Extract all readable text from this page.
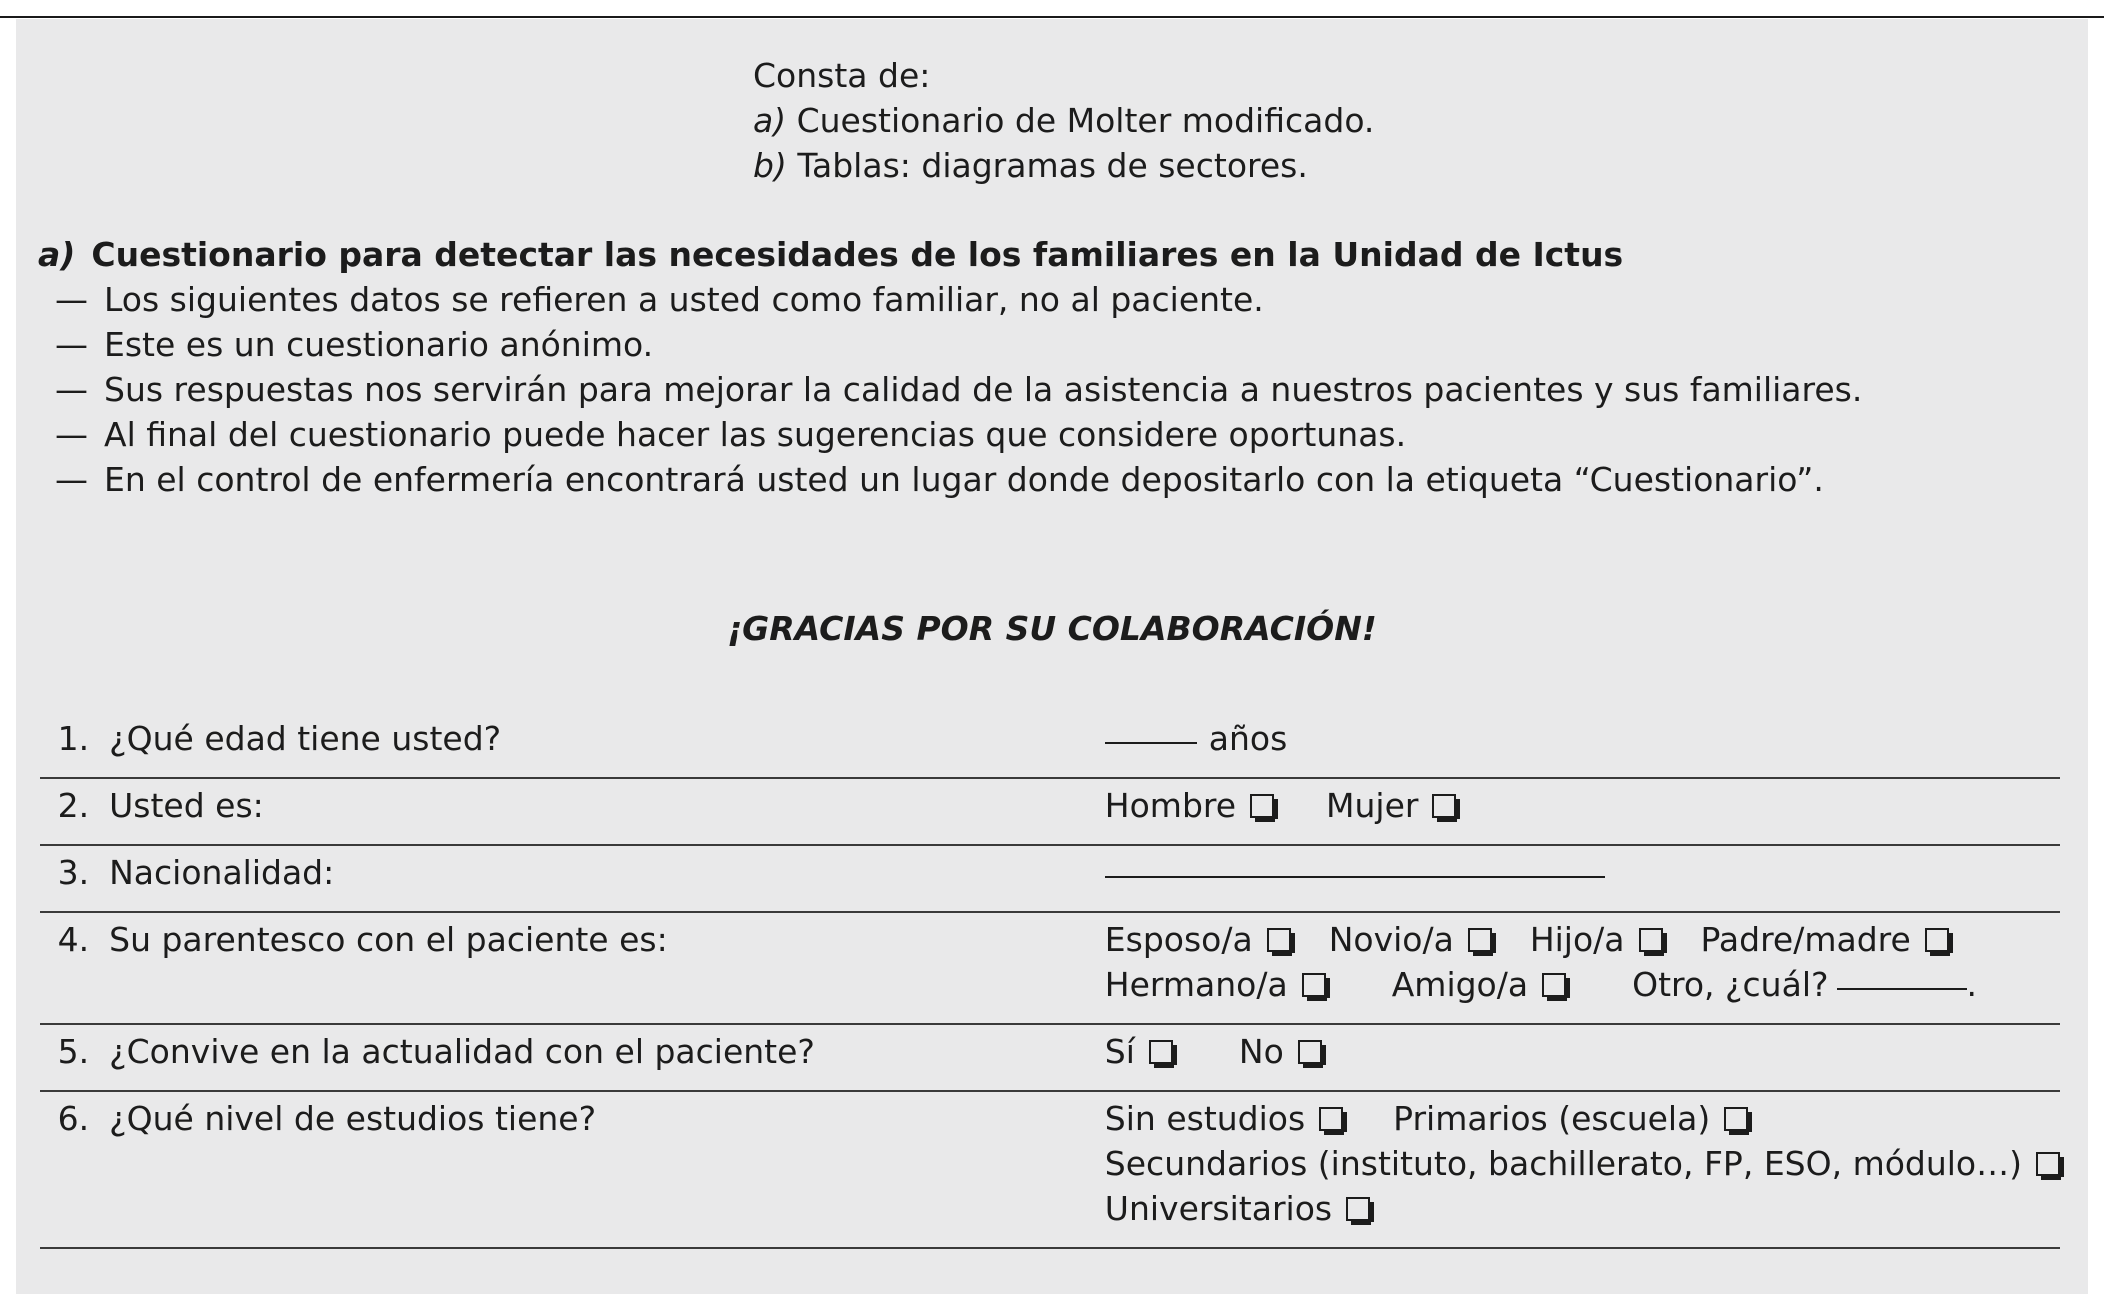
Consta de:
a) Cuestionario de Molter modificado.
b) Tablas: diagramas de sectores.
a) Cuestionario para detectar las necesidades de los familiares en la Unidad de Ictus
— Los siguientes datos se refieren a usted como familiar, no al paciente.
— Este es un cuestionario anónimo.
— Sus respuestas nos servirán para mejorar la calidad de la asistencia a nuestros pacientes y sus familiares.
— Al final del cuestionario puede hacer las sugerencias que considere oportunas.
— En el control de enfermería encontrará usted un lugar donde depositarlo con la etiqueta “Cuestionario”.
¡GRACIAS POR SU COLABORACIÓN!
1.	¿Qué edad tiene usted?	años
2.	Usted es:	Hombre Mujer
3.	Nacionalidad:	
4.	Su parentesco con el paciente es:	Esposo/a Novio/a Hijo/a Padre/madre
Hermano/a Amigo/a Otro, ¿cuál? .

5.	¿Convive en la actualidad con el paciente?	Sí No
6.	¿Qué nivel de estudios tiene?	Sin estudios Primarios (escuela)
Secundarios (instituto, bachillerato, FP, ESO, módulo…)
Universitarios
